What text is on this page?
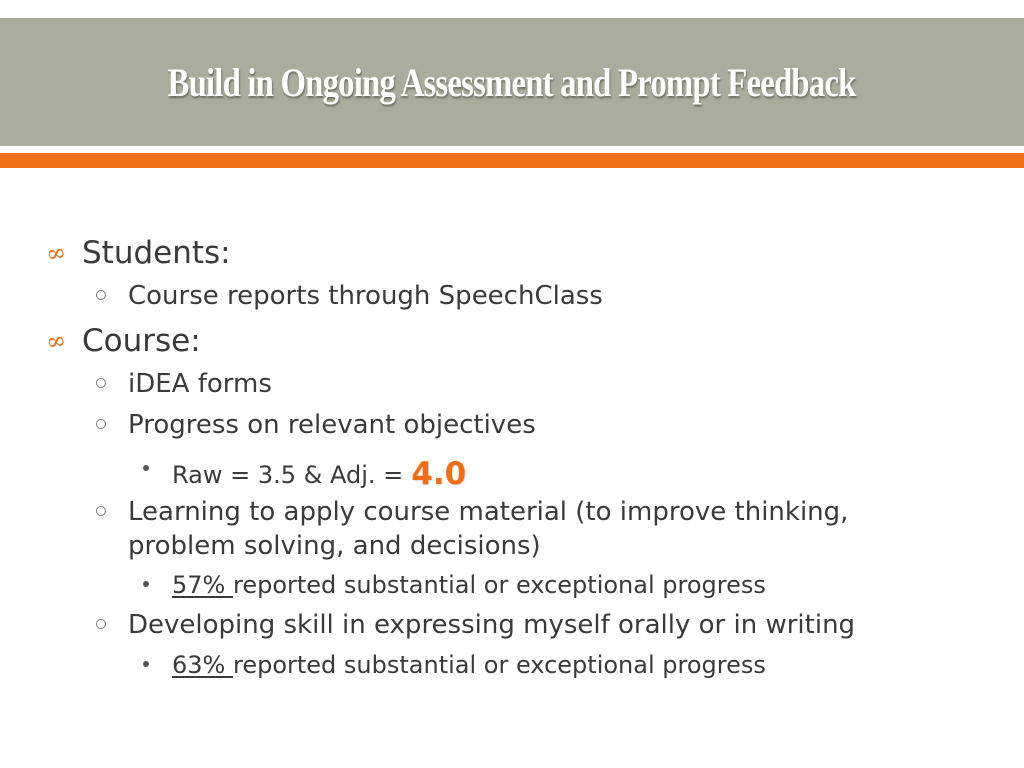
Build in Ongoing Assessment and Prompt Feedback
∞ Students:
Course reports through SpeechClass
∞ Course:
iDEA forms
Progress on relevant objectives
Raw = 3.5 & Adj. = 4.0
Learning to apply course material (to improve thinking,
problem solving, and decisions)
57% reported substantial or exceptional progress
Developing skill in expressing myself orally or in writing
63% reported substantial or exceptional progress
